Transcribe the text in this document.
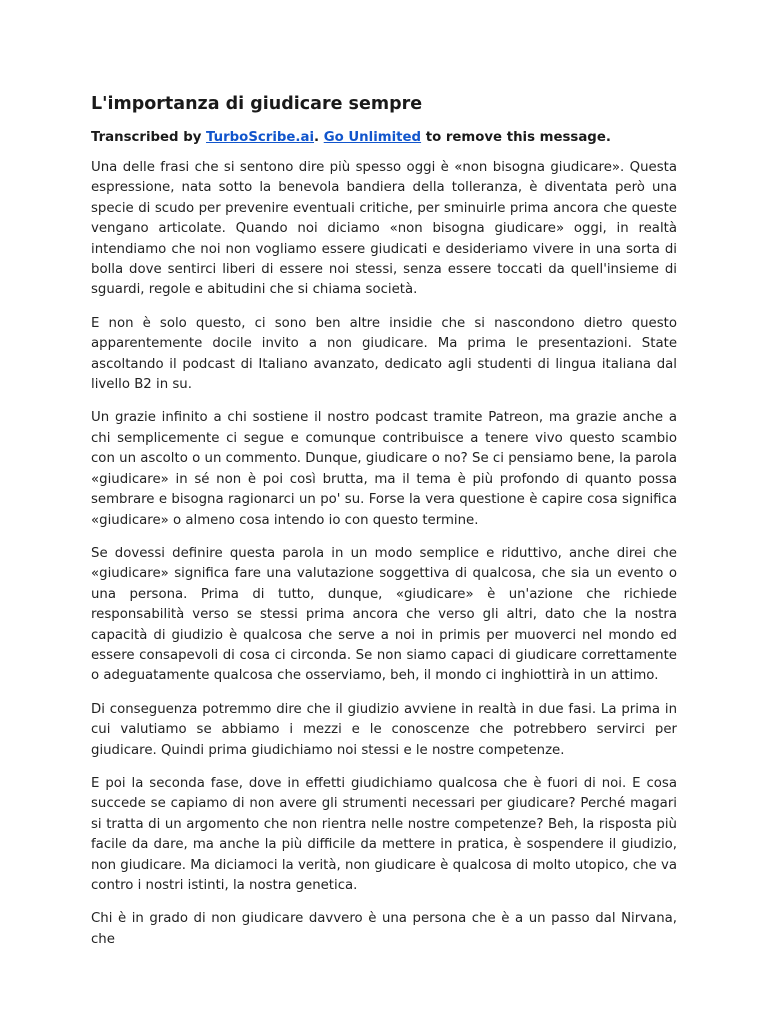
L'importanza di giudicare sempre

Transcribed by TurboScribe.ai. Go Unlimited to remove this message.

Una delle frasi che si sentono dire più spesso oggi è «non bisogna giudicare». Questa espressione, nata sotto la benevola bandiera della tolleranza, è diventata però una specie di scudo per prevenire eventuali critiche, per sminuirle prima ancora che queste vengano articolate. Quando noi diciamo «non bisogna giudicare» oggi, in realtà intendiamo che noi non vogliamo essere giudicati e desideriamo vivere in una sorta di bolla dove sentirci liberi di essere noi stessi, senza essere toccati da quell'insieme di sguardi, regole e abitudini che si chiama società.

E non è solo questo, ci sono ben altre insidie che si nascondono dietro questo apparentemente docile invito a non giudicare. Ma prima le presentazioni. State ascoltando il podcast di Italiano avanzato, dedicato agli studenti di lingua italiana dal livello B2 in su.

Un grazie infinito a chi sostiene il nostro podcast tramite Patreon, ma grazie anche a chi semplicemente ci segue e comunque contribuisce a tenere vivo questo scambio con un ascolto o un commento. Dunque, giudicare o no? Se ci pensiamo bene, la parola «giudicare» in sé non è poi così brutta, ma il tema è più profondo di quanto possa sembrare e bisogna ragionarci un po' su. Forse la vera questione è capire cosa significa «giudicare» o almeno cosa intendo io con questo termine.

Se dovessi definire questa parola in un modo semplice e riduttivo, anche direi che «giudicare» significa fare una valutazione soggettiva di qualcosa, che sia un evento o una persona. Prima di tutto, dunque, «giudicare» è un'azione che richiede responsabilità verso se stessi prima ancora che verso gli altri, dato che la nostra capacità di giudizio è qualcosa che serve a noi in primis per muoverci nel mondo ed essere consapevoli di cosa ci circonda. Se non siamo capaci di giudicare correttamente o adeguatamente qualcosa che osserviamo, beh, il mondo ci inghiottirà in un attimo.

Di conseguenza potremmo dire che il giudizio avviene in realtà in due fasi. La prima in cui valutiamo se abbiamo i mezzi e le conoscenze che potrebbero servirci per giudicare. Quindi prima giudichiamo noi stessi e le nostre competenze.

E poi la seconda fase, dove in effetti giudichiamo qualcosa che è fuori di noi. E cosa succede se capiamo di non avere gli strumenti necessari per giudicare? Perché magari si tratta di un argomento che non rientra nelle nostre competenze? Beh, la risposta più facile da dare, ma anche la più difficile da mettere in pratica, è sospendere il giudizio, non giudicare. Ma diciamoci la verità, non giudicare è qualcosa di molto utopico, che va contro i nostri istinti, la nostra genetica.

Chi è in grado di non giudicare davvero è una persona che è a un passo dal Nirvana, che
